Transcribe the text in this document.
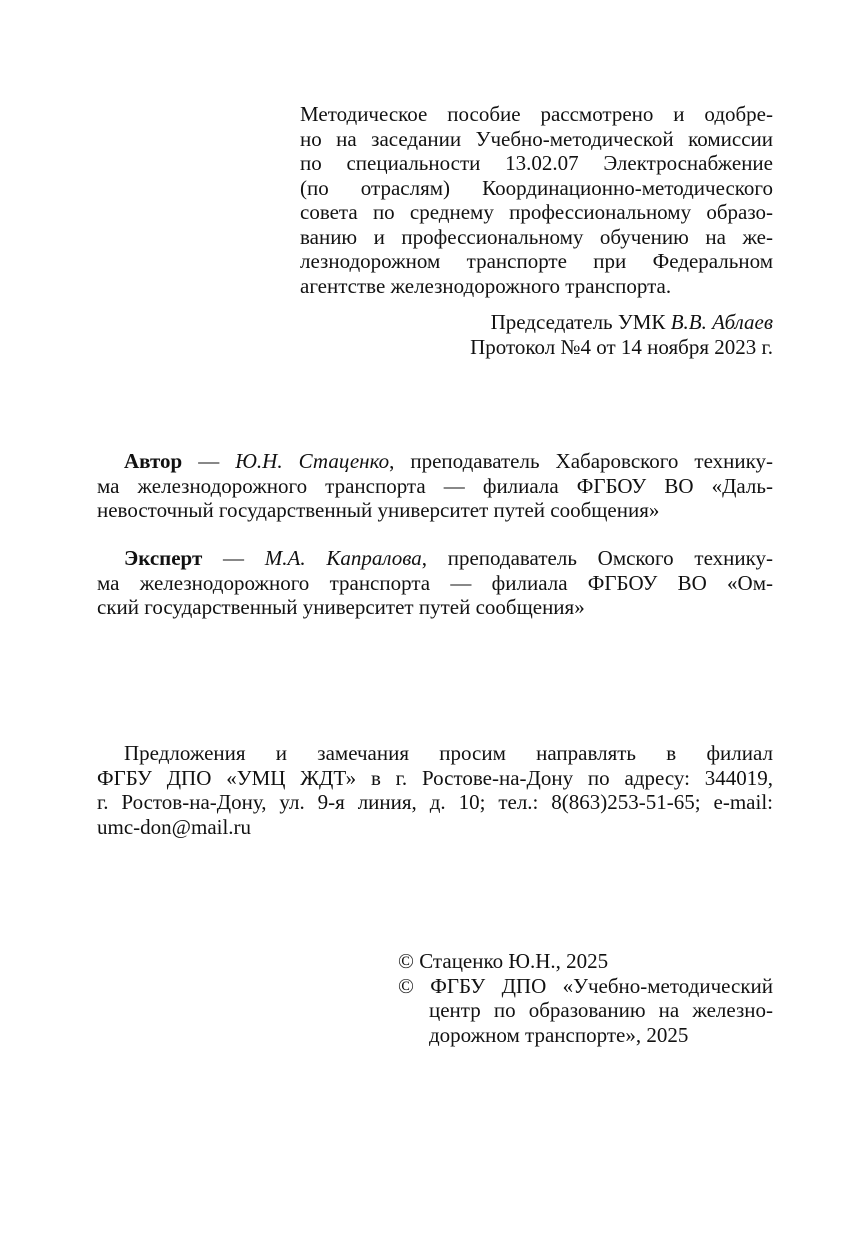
Методическое пособие рассмотрено и одобре-
но на заседании Учебно-методической комиссии
по специальности 13.02.07 Электроснабжение
(по отраслям) Координационно-методического
совета по среднему профессиональному образо-
ванию и профессиональному обучению на же-
лезнодорожном транспорте при Федеральном
агентстве железнодорожного транспорта.
Председатель УМК В.В. Аблаев
Протокол №4 от 14 ноября 2023 г.
Автор — Ю.Н. Стаценко, преподаватель Хабаровского технику-
ма железнодорожного транспорта — филиала ФГБОУ ВО «Даль-
невосточный государственный университет путей сообщения»
Эксперт — М.А. Капралова, преподаватель Омского технику-
ма железнодорожного транспорта — филиала ФГБОУ ВО «Ом-
ский государственный университет путей сообщения»
Предложения и замечания просим направлять в филиал
ФГБУ ДПО «УМЦ ЖДТ» в г. Ростове-на-Дону по адресу: 344019,
г. Ростов-на-Дону, ул. 9-я линия, д. 10; тел.: 8(863)253-51-65; e-mail:
umc-don@mail.ru
© Стаценко Ю.Н., 2025
© ФГБУ ДПО «Учебно-методический
центр по образованию на железно-
дорожном транспорте», 2025
